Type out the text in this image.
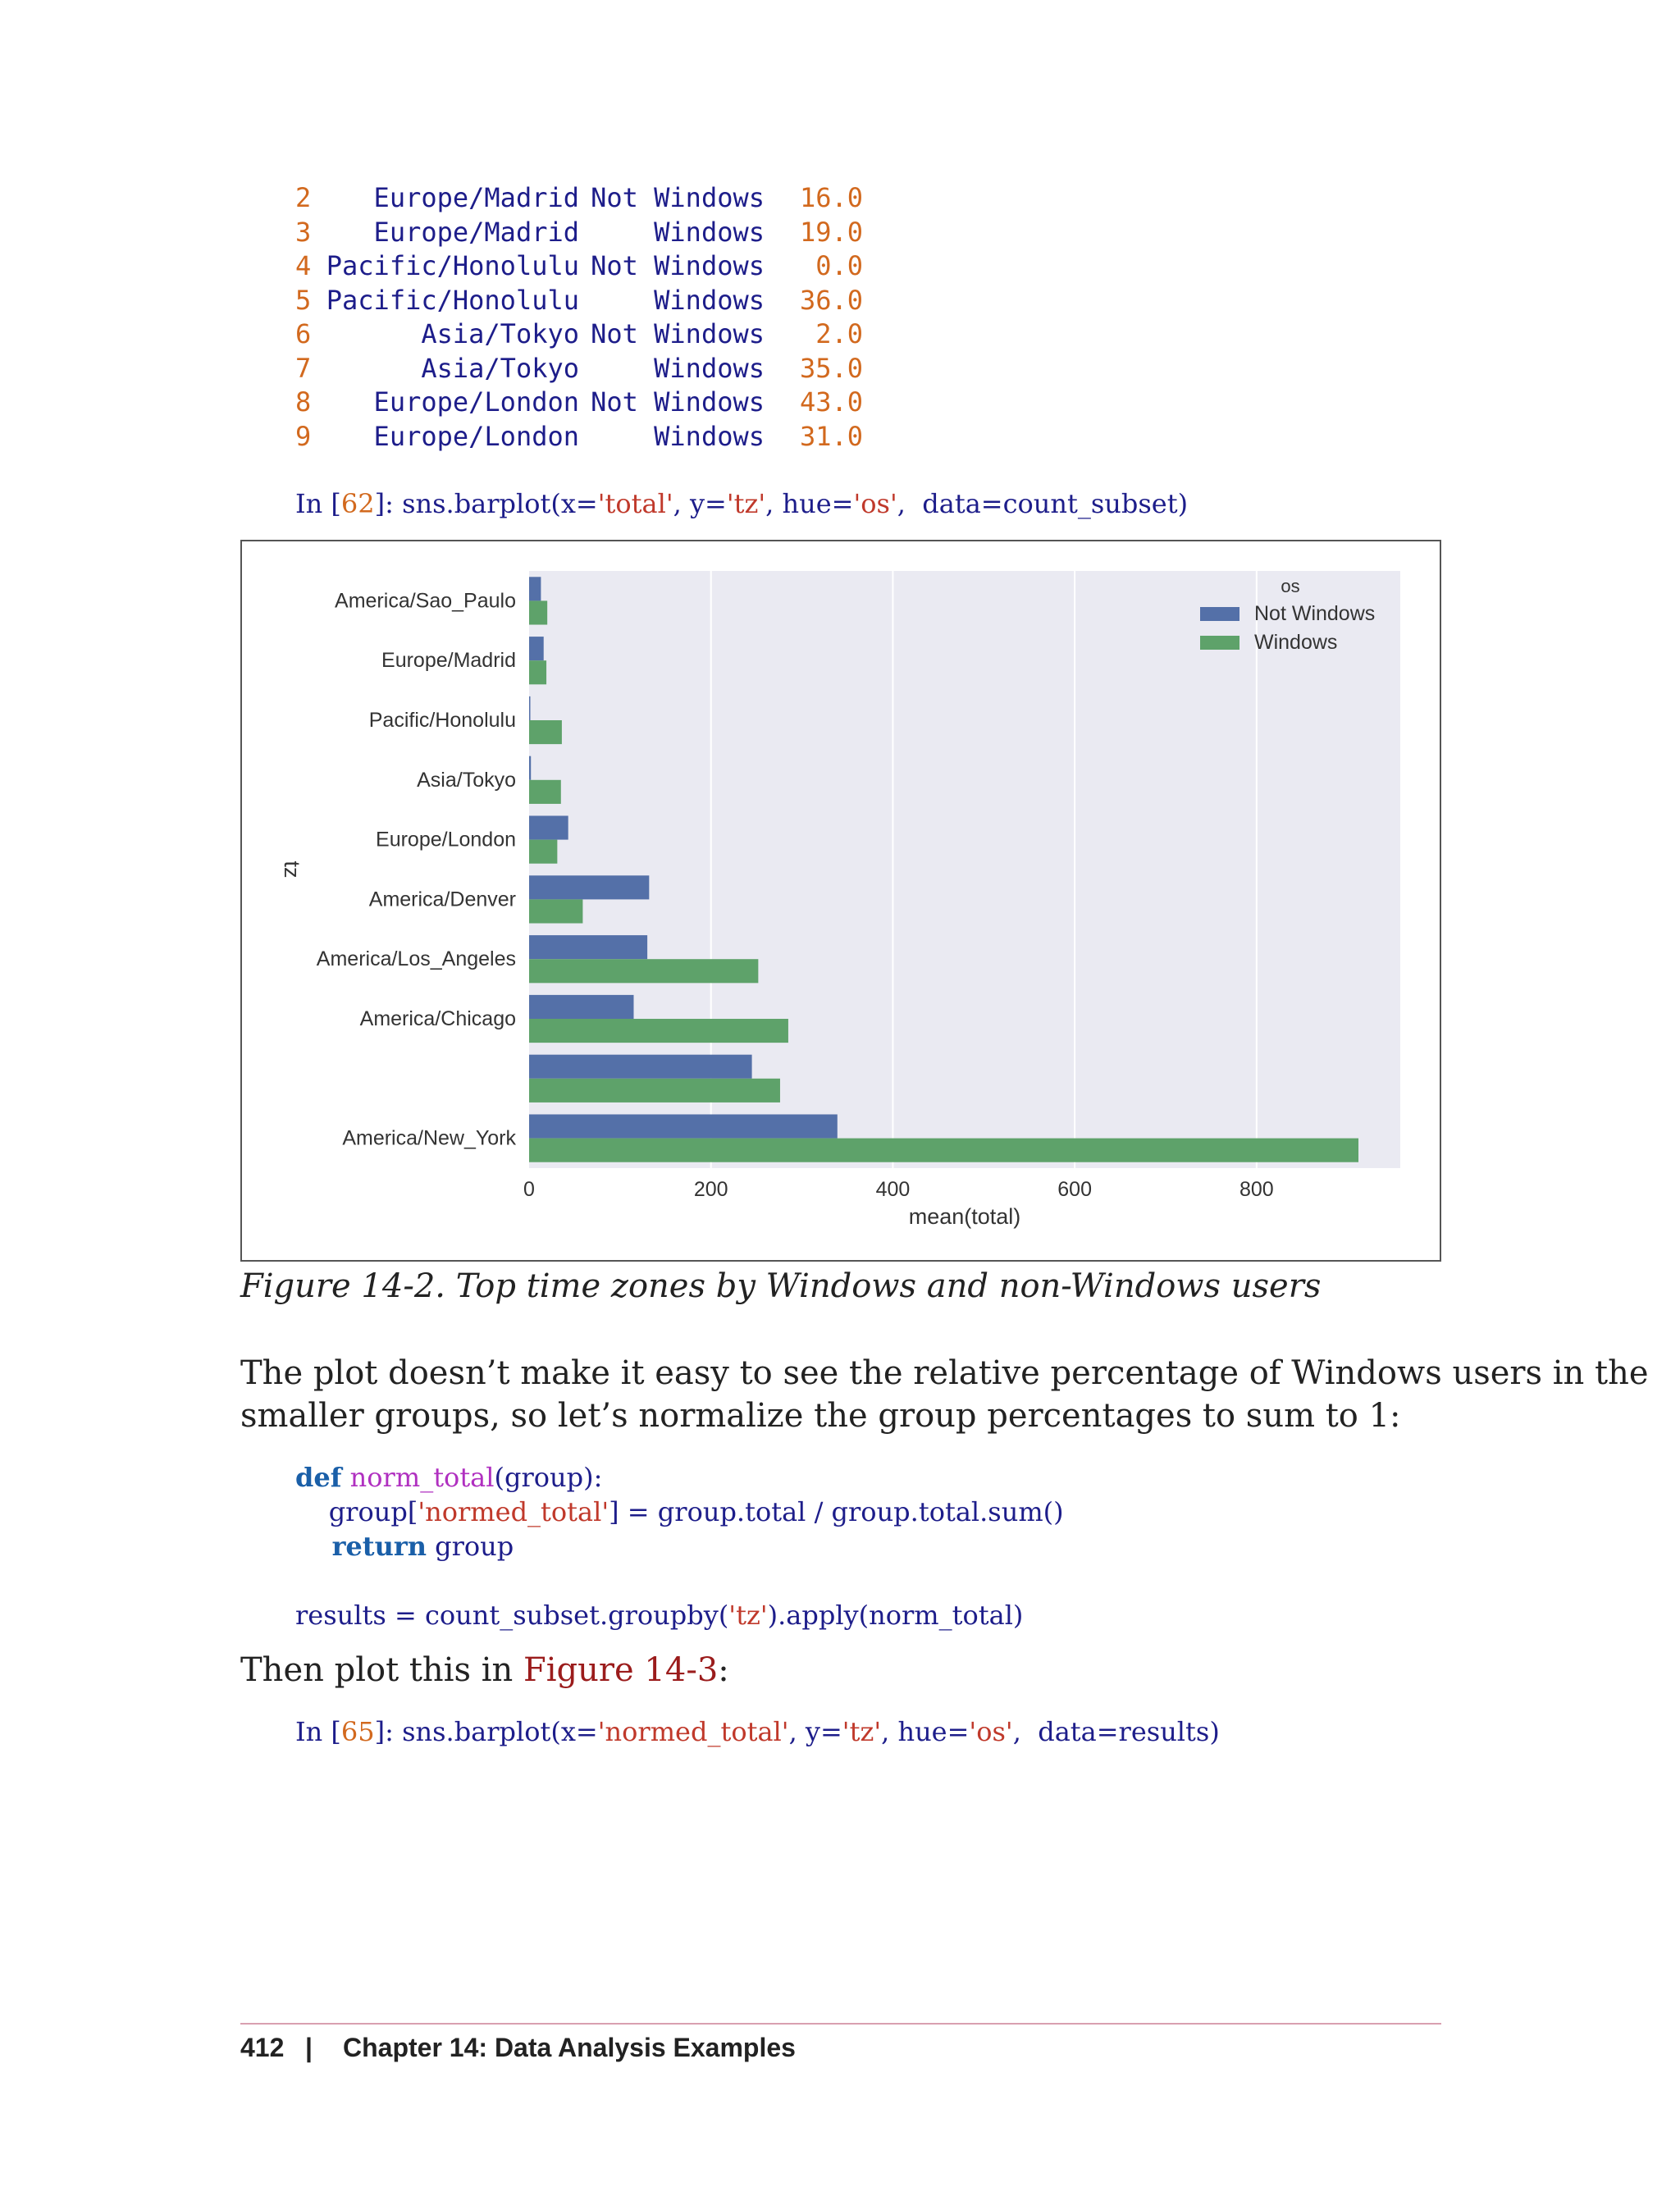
2 Europe/Madrid Not Windows 16.0
3 Europe/Madrid	Windows 19.0
4 Pacific/Honolulu Not Windows 0.0
5 Pacific/Honolulu	Windows 36.0
6	Asia/Tokyo Not Windows 2.0
7	Asia/Tokyo	Windows 35.0
8 Europe/London Not Windows 43.0
9 Europe/London	Windows 31.0
In [62]: sns.barplot(x='total', y='tz', hue='os',  data=count_subset)
America/Sao_Paulo
Europe/Madrid
Pacific/Honolulu
Asia/Tokyo
Europe/London
America/Denver
America/Los_Angeles
America/Chicago
America/New_York
0	200	400	600	800
mean(total)
tz
os
Not Windows
Windows
Figure 14-2. Top time zones by Windows and non-Windows users
The plot doesn’t make it easy to see the relative percentage of Windows users in the
smaller groups, so let’s normalize the group percentages to sum to 1:
def norm_total(group):
group['normed_total'] = group.total / group.total.sum()
return group
results = count_subset.groupby('tz').apply(norm_total)
Then plot this in Figure 14-3:
In [65]: sns.barplot(x='normed_total', y='tz', hue='os',  data=results)
412 | Chapter 14: Data Analysis Examples
